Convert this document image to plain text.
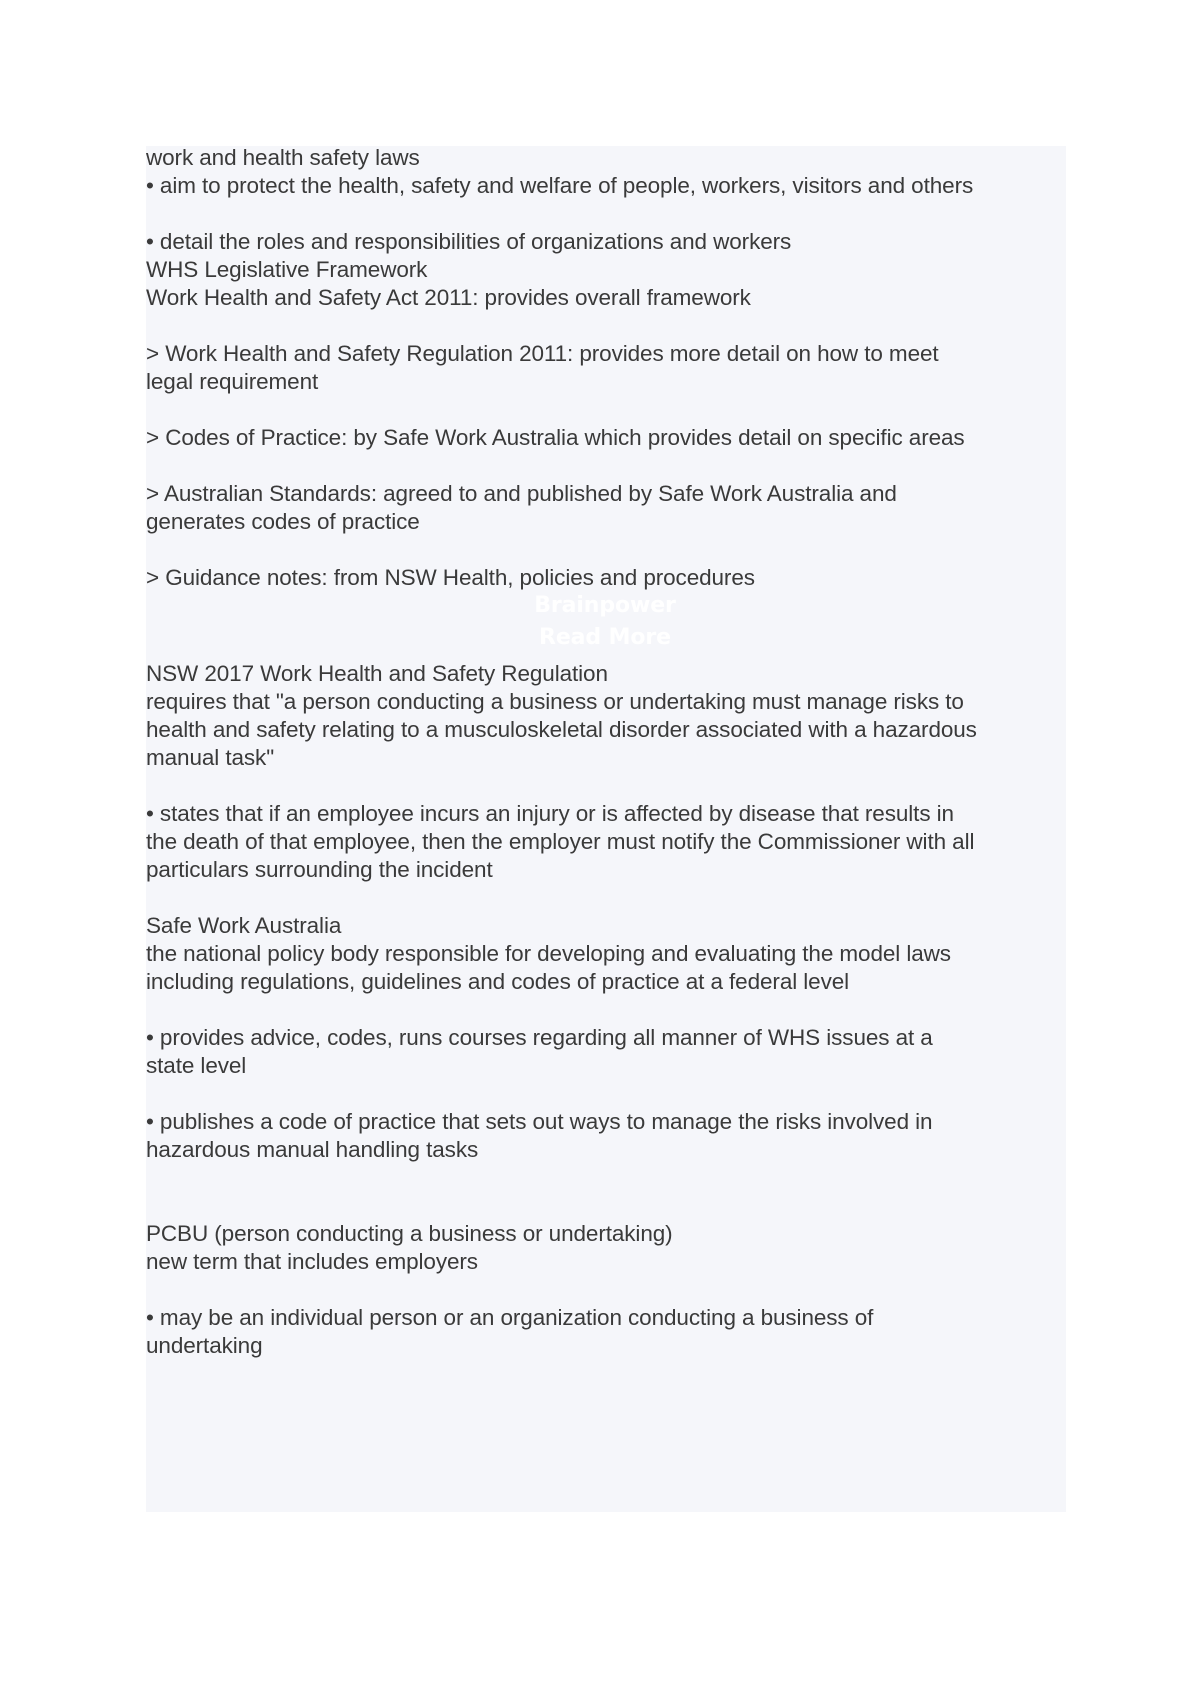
work and health safety laws

• aim to protect the health, safety and welfare of people, workers, visitors and others

• detail the roles and responsibilities of organizations and workers

WHS Legislative Framework

Work Health and Safety Act 2011: provides overall framework

> Work Health and Safety Regulation 2011: provides more detail on how to meet

legal requirement

> Codes of Practice: by Safe Work Australia which provides detail on specific areas

> Australian Standards: agreed to and published by Safe Work Australia and

generates codes of practice

> Guidance notes: from NSW Health, policies and procedures

Brainpower

Read More

NSW 2017 Work Health and Safety Regulation

requires that "a person conducting a business or undertaking must manage risks to

health and safety relating to a musculoskeletal disorder associated with a hazardous

manual task"

• states that if an employee incurs an injury or is affected by disease that results in

the death of that employee, then the employer must notify the Commissioner with all

particulars surrounding the incident

Safe Work Australia

the national policy body responsible for developing and evaluating the model laws

including regulations, guidelines and codes of practice at a federal level

• provides advice, codes, runs courses regarding all manner of WHS issues at a

state level

• publishes a code of practice that sets out ways to manage the risks involved in

hazardous manual handling tasks

PCBU (person conducting a business or undertaking)

new term that includes employers

• may be an individual person or an organization conducting a business of

undertaking
